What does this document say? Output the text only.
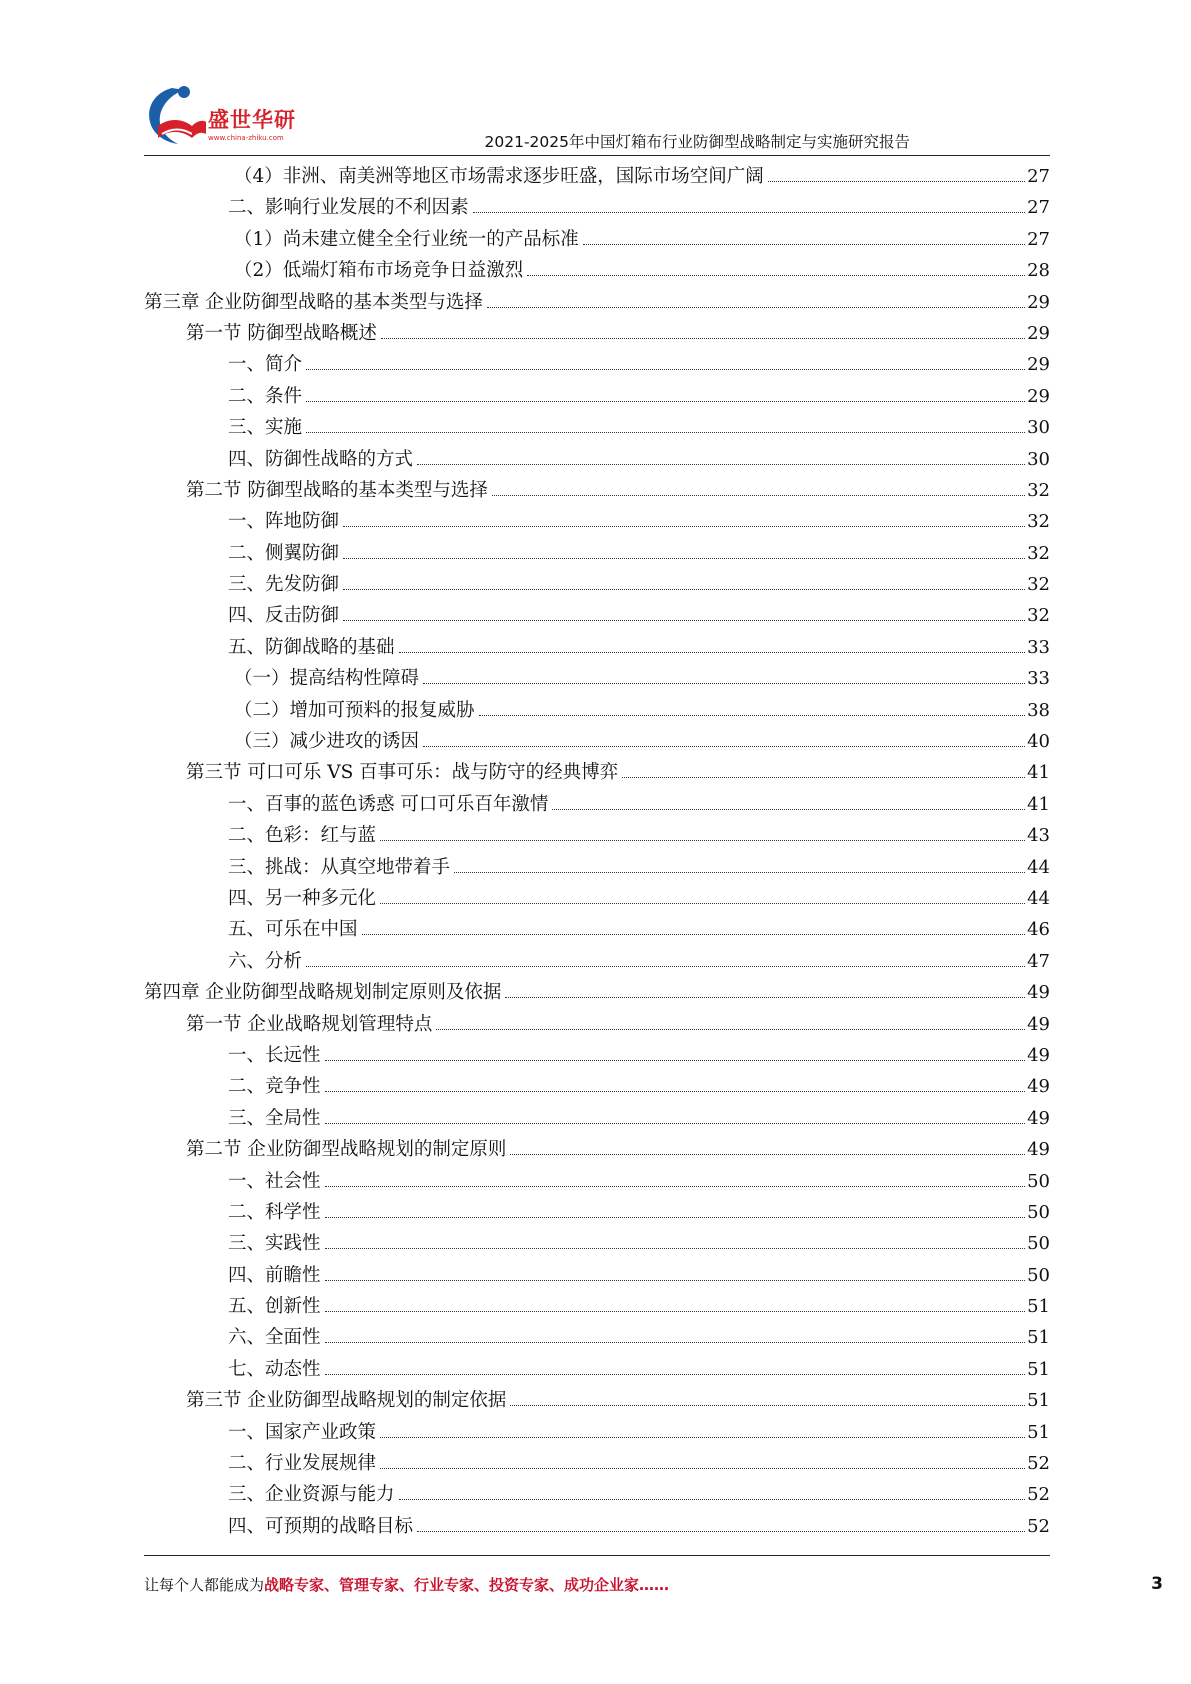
盛世华研
www.china-zhiku.com	2021-2025年中国灯箱布行业防御型战略制定与实施研究报告
（4）非洲、南美洲等地区市场需求逐步旺盛，国际市场空间广阔	27
二、影响行业发展的不利因素	27
（1）尚未建立健全全行业统一的产品标准	27
（2）低端灯箱布市场竞争日益激烈	28
第三章 企业防御型战略的基本类型与选择	29
第一节 防御型战略概述	29
一、简介	29
二、条件	29
三、实施	30
四、防御性战略的方式	30
第二节 防御型战略的基本类型与选择	32
一、阵地防御	32
二、侧翼防御	32
三、先发防御	32
四、反击防御	32
五、防御战略的基础	33
（一）提高结构性障碍	33
（二）增加可预料的报复威胁	38
（三）减少进攻的诱因	40
第三节 可口可乐 VS 百事可乐：战与防守的经典博弈	41
一、百事的蓝色诱惑 可口可乐百年激情	41
二、色彩：红与蓝	43
三、挑战：从真空地带着手	44
四、另一种多元化	44
五、可乐在中国	46
六、分析	47
第四章 企业防御型战略规划制定原则及依据	49
第一节 企业战略规划管理特点	49
一、长远性	49
二、竞争性	49
三、全局性	49
第二节 企业防御型战略规划的制定原则	49
一、社会性	50
二、科学性	50
三、实践性	50
四、前瞻性	50
五、创新性	51
六、全面性	51
七、动态性	51
第三节 企业防御型战略规划的制定依据	51
一、国家产业政策	51
二、行业发展规律	52
三、企业资源与能力	52
四、可预期的战略目标	52
让每个人都能成为战略专家、管理专家、行业专家、投资专家、成功企业家……	3
